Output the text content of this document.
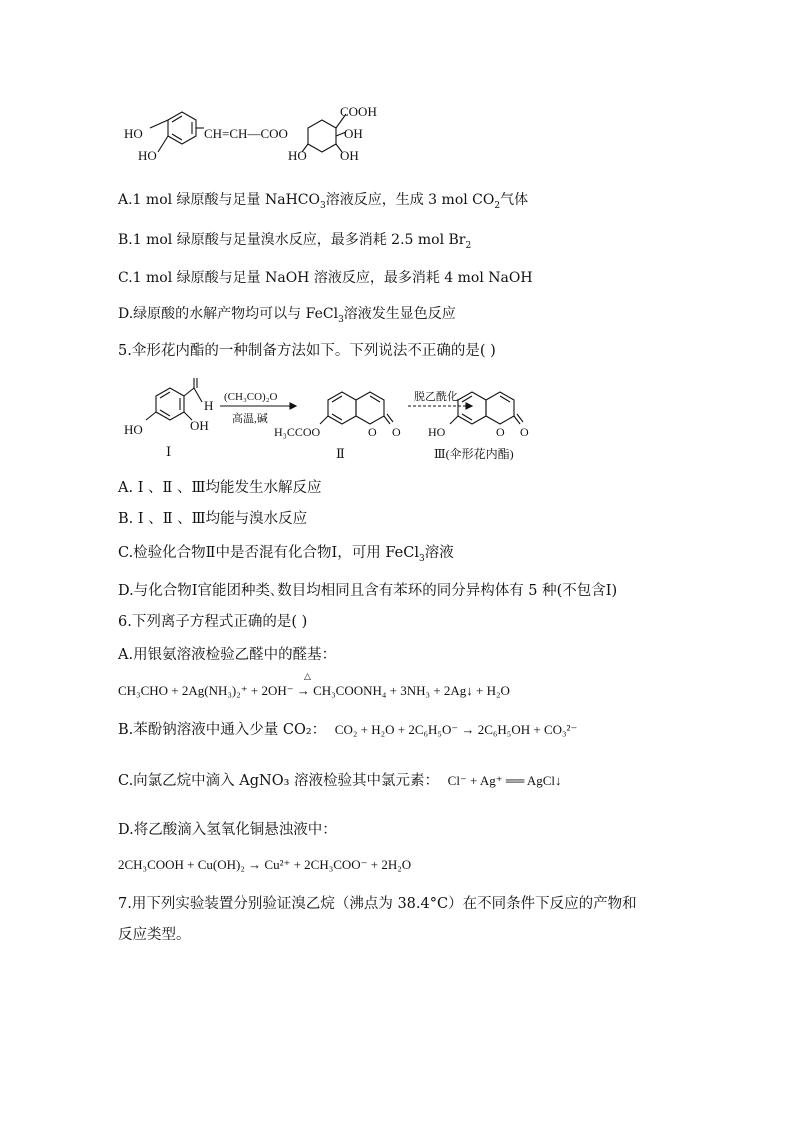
HO
HO
CH=CH—COO
COOH
OH
HO	OH
A.1 mol 绿原酸与足量 NaHCO$_3$溶液反应，生成 3 mol $CO_2$气体
B.1 mol 绿原酸与足量溴水反应，最多消耗 2.5 mol $Br_2$
C.1 mol 绿原酸与足量 NaOH 溶液反应，最多消耗 4 mol NaOH
D.绿原酸的水解产物均可以与 FeCl$_3$溶液发生显色反应
5.伞形花内酯的一种制备方法如下。下列说法不正确的是( )
H
HO	OH
Ⅰ
(CH₃CO)₂O
高温,碱
H₃CCOO	O O
Ⅱ
脱乙酰化
HO	O O
Ⅲ(伞形花内酯)
A. Ⅰ 、Ⅱ 、Ⅲ均能发生水解反应
B. Ⅰ 、Ⅱ 、Ⅲ均能与溴水反应
C.检验化合物Ⅱ中是否混有化合物Ⅰ，可用 FeCl$_3$溶液
D.与化合物Ⅰ官能团种类､数目均相同且含有苯环的同分异构体有 5 种(不包含Ⅰ)
6.下列离子方程式正确的是( )
A.用银氨溶液检验乙醛中的醛基：
△
CH₃CHO + 2Ag(NH₃)₂⁺ + 2OH⁻ → CH₃COONH₄ + 3NH₃ + 2Ag↓ + H₂O
B.苯酚钠溶液中通入少量 CO₂： CO₂ + H₂O + 2C₆H₅O⁻ → 2C₆H₅OH + CO₃²⁻
C.向氯乙烷中滴入 AgNO₃ 溶液检验其中氯元素： Cl⁻ + Ag⁺ ══ AgCl↓
D.将乙酸滴入氢氧化铜悬浊液中：
2CH₃COOH + Cu(OH)₂ → Cu²⁺ + 2CH₃COO⁻ + 2H₂O
7.用下列实验装置分别验证溴乙烷（沸点为 38.4°C）在不同条件下反应的产物和
反应类型。
